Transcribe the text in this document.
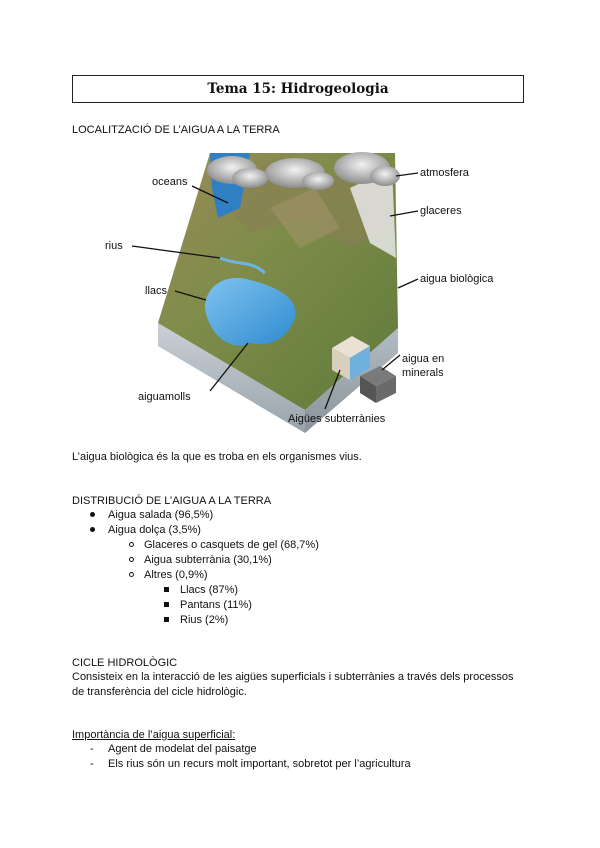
Tema 15: Hidrogeologia
LOCALITZACIÓ DE L’AIGUA A LA TERRA
oceans
atmosfera
glaceres
rius
llacs
aigua biològica
aigua en
minerals
aiguamolls
Aigües subterrànies
L’aigua biològica és la que es troba en els organismes vius.
DISTRIBUCIÓ DE L’AIGUA A LA TERRA
Aigua salada (96,5%)
Aigua dolça (3,5%)
Glaceres o casquets de gel (68,7%)
Aigua subterrània (30,1%)
Altres (0,9%)
Llacs (87%)
Pantans (11%)
Rius (2%)
CICLE HIDROLÒGIC
Consisteix en la interacció de les aigües superficials i subterrànies a través dels processos
de transferència del cicle hidrològic.
Importància de l’aigua superficial:
- Agent de modelat del paisatge
- Els rius són un recurs molt important, sobretot per l’agricultura
